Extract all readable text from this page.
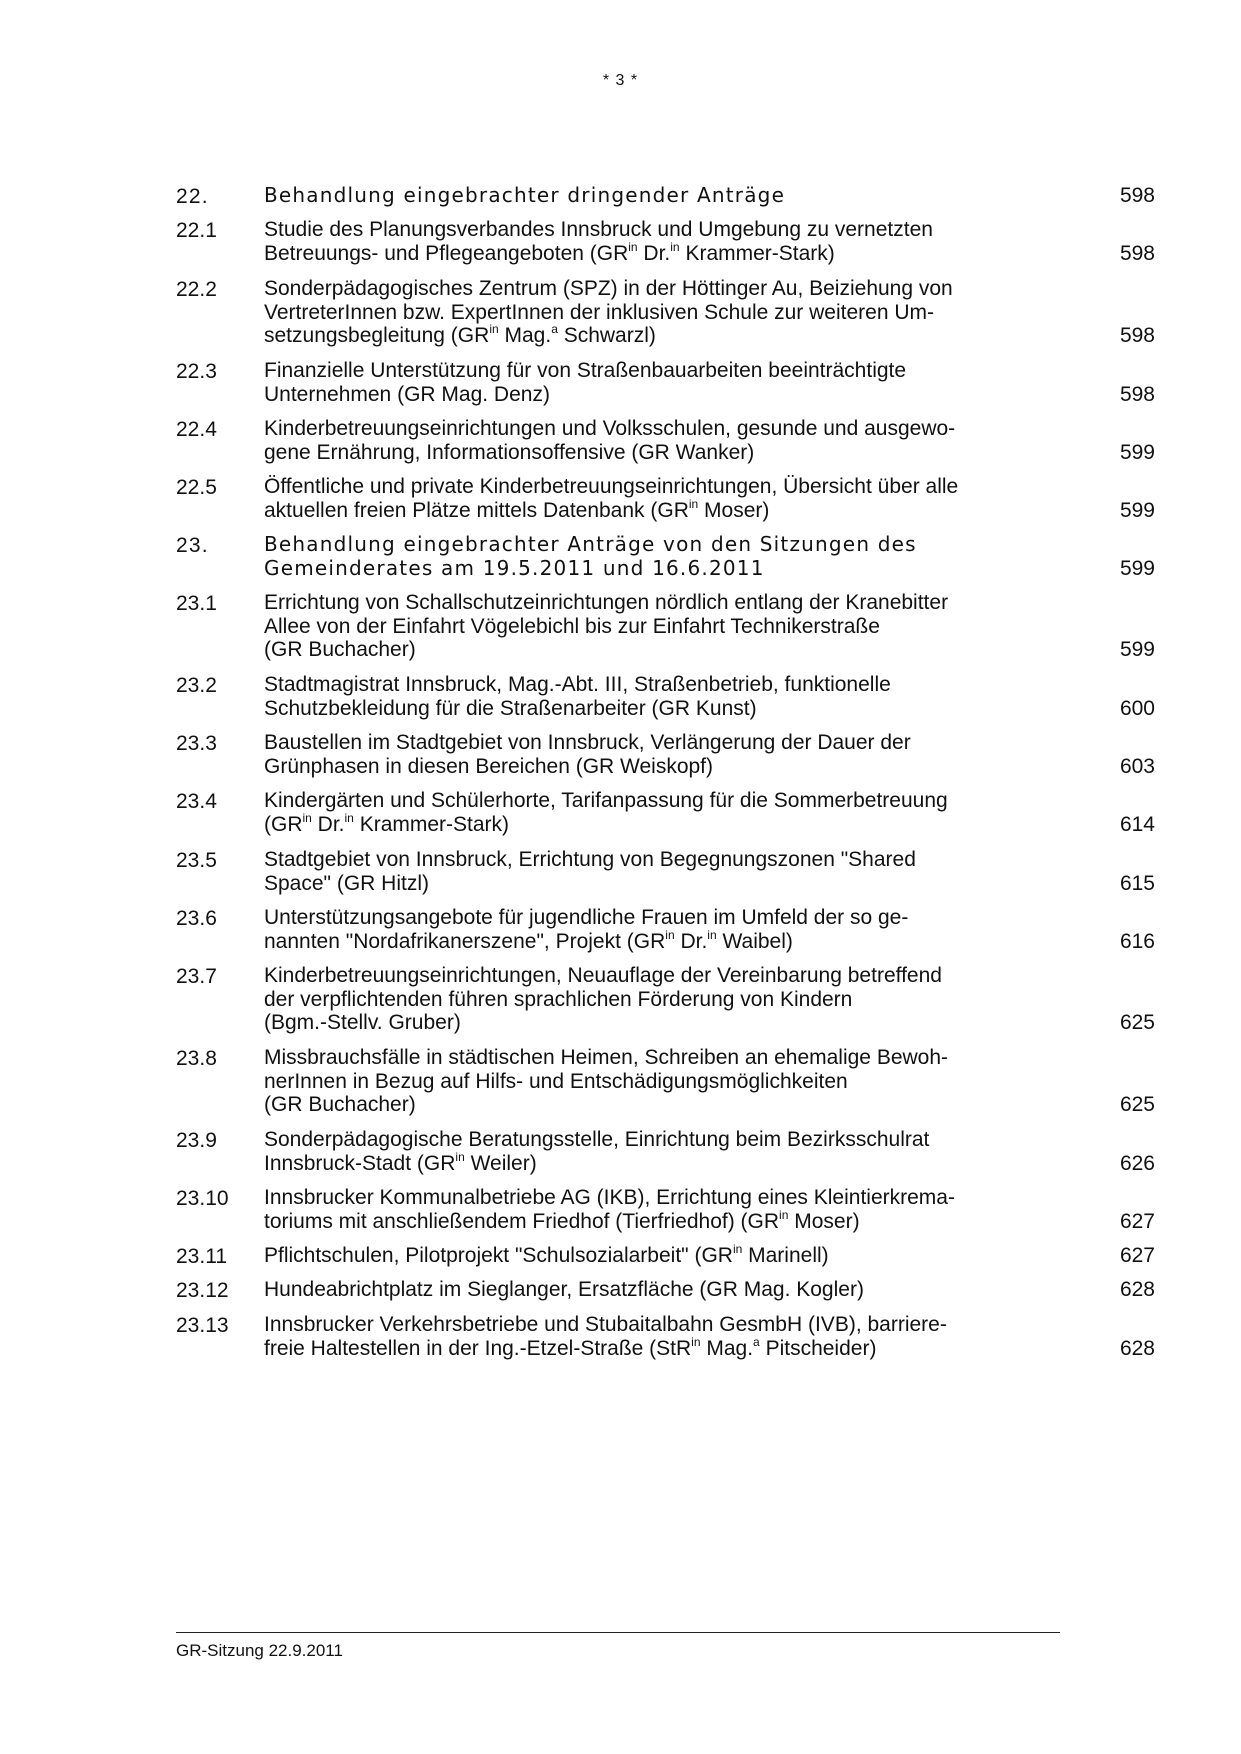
* 3 *
22.	Behandlung eingebrachter dringender Anträge	598
22.1 Studie des Planungsverbandes Innsbruck und Umgebung zu vernetzten
Betreuungs- und Pflegeangeboten ($GR^{in}$ Dr.$^{in}$ Krammer-Stark)	598
22.2 Sonderpädagogisches Zentrum (SPZ) in der Höttinger Au, Beiziehung von
VertreterInnen bzw. ExpertInnen der inklusiven Schule zur weiteren Um-
setzungsbegleitung ($GR^{in}$ Mag.$^a$ Schwarzl)	598
22.3 Finanzielle Unterstützung für von Straßenbauarbeiten beeinträchtigte
Unternehmen (GR Mag. Denz)	598
22.4 Kinderbetreuungseinrichtungen und Volksschulen, gesunde und ausgewo-
gene Ernährung, Informationsoffensive (GR Wanker)	599
22.5 Öffentliche und private Kinderbetreuungseinrichtungen, Übersicht über alle
aktuellen freien Plätze mittels Datenbank ($GR^{in}$ Moser)	599
23.	Behandlung eingebrachter Anträge von den Sitzungen des
Gemeinderates am 19.5.2011 und 16.6.2011	599
23.1 Errichtung von Schallschutzeinrichtungen nördlich entlang der Kranebitter
Allee von der Einfahrt Vögelebichl bis zur Einfahrt Technikerstraße
(GR Buchacher)	599
23.2 Stadtmagistrat Innsbruck, Mag.-Abt. III, Straßenbetrieb, funktionelle
Schutzbekleidung für die Straßenarbeiter (GR Kunst)	600
23.3 Baustellen im Stadtgebiet von Innsbruck, Verlängerung der Dauer der
Grünphasen in diesen Bereichen (GR Weiskopf)	603
23.4 Kindergärten und Schülerhorte, Tarifanpassung für die Sommerbetreuung
($GR^{in}$ Dr.$^{in}$ Krammer-Stark)	614
23.5 Stadtgebiet von Innsbruck, Errichtung von Begegnungszonen "Shared
Space" (GR Hitzl)	615
23.6 Unterstützungsangebote für jugendliche Frauen im Umfeld der so ge-
nannten "Nordafrikanerszene", Projekt ($GR^{in}$ Dr.$^{in}$ Waibel)	616
23.7 Kinderbetreuungseinrichtungen, Neuauflage der Vereinbarung betreffend
der verpflichtenden führen sprachlichen Förderung von Kindern
(Bgm.-Stellv. Gruber)	625
23.8 Missbrauchsfälle in städtischen Heimen, Schreiben an ehemalige Bewoh-
nerInnen in Bezug auf Hilfs- und Entschädigungsmöglichkeiten
(GR Buchacher)	625
23.9 Sonderpädagogische Beratungsstelle, Einrichtung beim Bezirksschulrat
Innsbruck-Stadt ($GR^{in}$ Weiler)	626
23.10 Innsbrucker Kommunalbetriebe AG (IKB), Errichtung eines Kleintierkrema-
toriums mit anschließendem Friedhof (Tierfriedhof) ($GR^{in}$ Moser)	627
23.11 Pflichtschulen, Pilotprojekt "Schulsozialarbeit" ($GR^{in}$ Marinell)	627
23.12 Hundeabrichtplatz im Sieglanger, Ersatzfläche (GR Mag. Kogler)	628
23.13 Innsbrucker Verkehrsbetriebe und Stubaitalbahn GesmbH (IVB), barriere-
freie Haltestellen in der Ing.-Etzel-Straße (StR$^{in}$ Mag.$^a$ Pitscheider)	628
GR-Sitzung 22.9.2011
